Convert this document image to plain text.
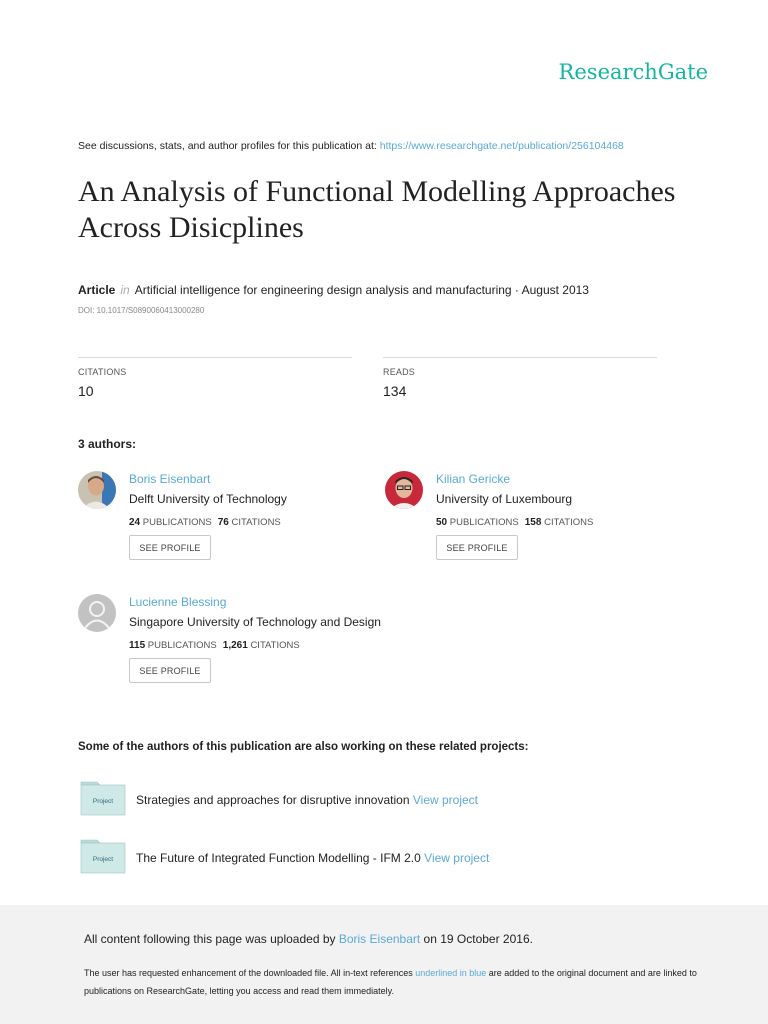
ResearchGate
See discussions, stats, and author profiles for this publication at: https://www.researchgate.net/publication/256104468
An Analysis of Functional Modelling Approaches Across Disicplines
Article in Artificial intelligence for engineering design analysis and manufacturing · August 2013
DOI: 10.1017/S0890060413000280
CITATIONS
10
READS
134
3 authors:
Boris Eisenbart
Delft University of Technology
24 PUBLICATIONS 76 CITATIONS
SEE PROFILE
Kilian Gericke
University of Luxembourg
50 PUBLICATIONS 158 CITATIONS
SEE PROFILE
Lucienne Blessing
Singapore University of Technology and Design
115 PUBLICATIONS 1,261 CITATIONS
SEE PROFILE
Some of the authors of this publication are also working on these related projects:
Project Strategies and approaches for disruptive innovation View project
Project The Future of Integrated Function Modelling - IFM 2.0 View project
All content following this page was uploaded by Boris Eisenbart on 19 October 2016.
The user has requested enhancement of the downloaded file. All in-text references underlined in blue are added to the original document and are linked to publications on ResearchGate, letting you access and read them immediately.
